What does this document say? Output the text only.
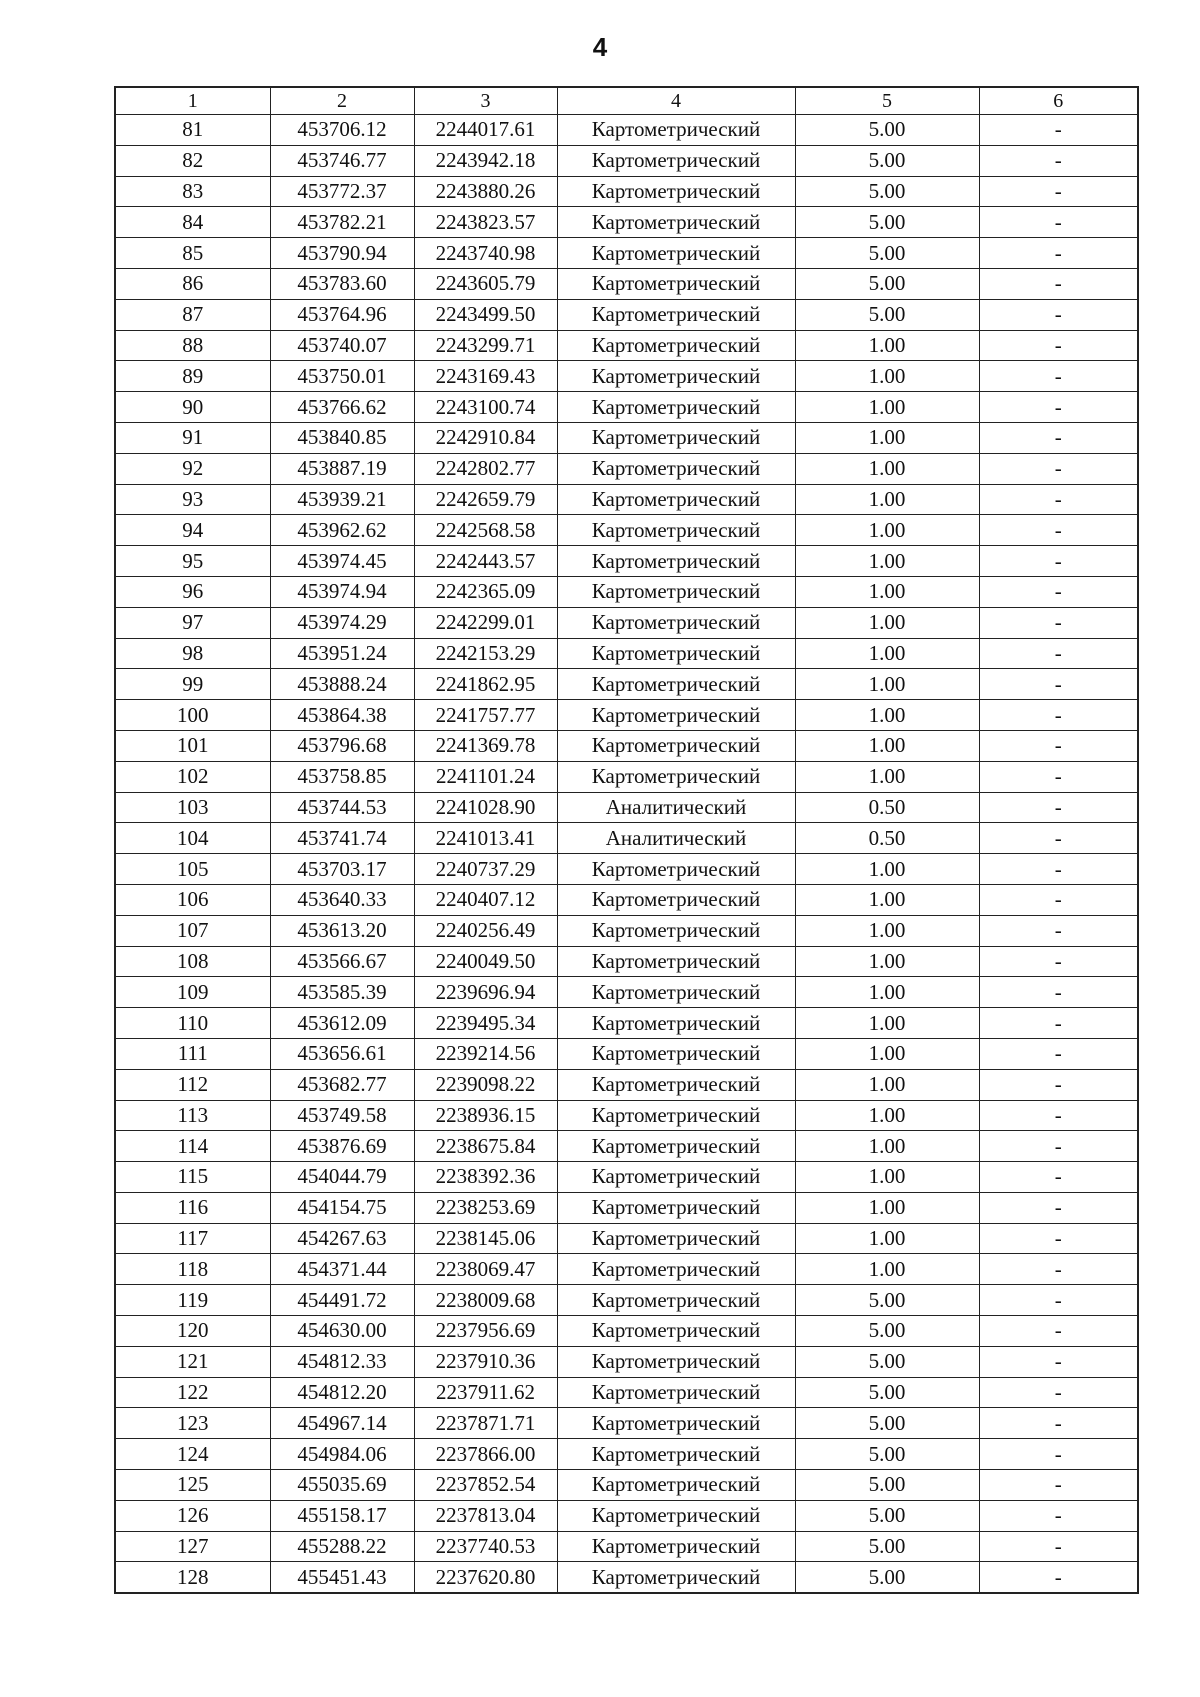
4
1	2	3	4	5	6
81	453706.12	2244017.61	Картометрический	5.00	-
82	453746.77	2243942.18	Картометрический	5.00	-
83	453772.37	2243880.26	Картометрический	5.00	-
84	453782.21	2243823.57	Картометрический	5.00	-
85	453790.94	2243740.98	Картометрический	5.00	-
86	453783.60	2243605.79	Картометрический	5.00	-
87	453764.96	2243499.50	Картометрический	5.00	-
88	453740.07	2243299.71	Картометрический	1.00	-
89	453750.01	2243169.43	Картометрический	1.00	-
90	453766.62	2243100.74	Картометрический	1.00	-
91	453840.85	2242910.84	Картометрический	1.00	-
92	453887.19	2242802.77	Картометрический	1.00	-
93	453939.21	2242659.79	Картометрический	1.00	-
94	453962.62	2242568.58	Картометрический	1.00	-
95	453974.45	2242443.57	Картометрический	1.00	-
96	453974.94	2242365.09	Картометрический	1.00	-
97	453974.29	2242299.01	Картометрический	1.00	-
98	453951.24	2242153.29	Картометрический	1.00	-
99	453888.24	2241862.95	Картометрический	1.00	-
100	453864.38	2241757.77	Картометрический	1.00	-
101	453796.68	2241369.78	Картометрический	1.00	-
102	453758.85	2241101.24	Картометрический	1.00	-
103	453744.53	2241028.90	Аналитический	0.50	-
104	453741.74	2241013.41	Аналитический	0.50	-
105	453703.17	2240737.29	Картометрический	1.00	-
106	453640.33	2240407.12	Картометрический	1.00	-
107	453613.20	2240256.49	Картометрический	1.00	-
108	453566.67	2240049.50	Картометрический	1.00	-
109	453585.39	2239696.94	Картометрический	1.00	-
110	453612.09	2239495.34	Картометрический	1.00	-
111	453656.61	2239214.56	Картометрический	1.00	-
112	453682.77	2239098.22	Картометрический	1.00	-
113	453749.58	2238936.15	Картометрический	1.00	-
114	453876.69	2238675.84	Картометрический	1.00	-
115	454044.79	2238392.36	Картометрический	1.00	-
116	454154.75	2238253.69	Картометрический	1.00	-
117	454267.63	2238145.06	Картометрический	1.00	-
118	454371.44	2238069.47	Картометрический	1.00	-
119	454491.72	2238009.68	Картометрический	5.00	-
120	454630.00	2237956.69	Картометрический	5.00	-
121	454812.33	2237910.36	Картометрический	5.00	-
122	454812.20	2237911.62	Картометрический	5.00	-
123	454967.14	2237871.71	Картометрический	5.00	-
124	454984.06	2237866.00	Картометрический	5.00	-
125	455035.69	2237852.54	Картометрический	5.00	-
126	455158.17	2237813.04	Картометрический	5.00	-
127	455288.22	2237740.53	Картометрический	5.00	-
128	455451.43	2237620.80	Картометрический	5.00	-
